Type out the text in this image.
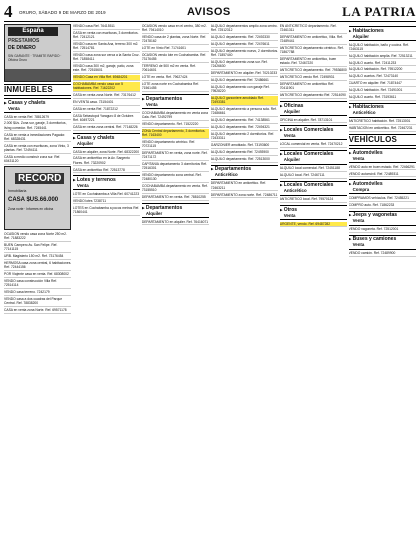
4 ORURO, SÁBADO 9 DE MARZO DE 2019	AVISOS	LA PATRIA
España
PRESTAMOS
DE DINERO
SIN GARANTE · TRAMITE RAPIDO · Oficina Oruro
INMUEBLES
▶ Casas y chalets
Venta
CASA en venta Ref. 78812679
2.000 $Us. Zona sur, garaje, 3 dormitorios, living comedor. Ref. 7245441
CASA en venta a inmediaciones Pagador. Ref. 68328431
CASA en venta con escrituras, zona Vinto, 3 plantas. Ref. 72494111
CASA a medio construir zona sur. Ref. 60431120
RECORD
Inmobiliaria
CASA $US.66.000
Zona norte · Informes en oficina
OCASION vendo casa zona Norte 250 m2. Ref. 71883222
BUEN Campero Av. San Felipe. Ref. 77141115
URB. Magisterio 150 m2. Ref. 73176454
HERMOSA casa zona central, 6 habitaciones. Ref. 72444156
POR Viajente casa en venta. Ref. 68308002
VENDO casa construcción Villa Ref. 72514114
VENDO casa terreno. 7242179
VENDO casa a dos cuadras del Parque Central. Ref. 78838200
CASA en venta zona Norte. Ref. 69571178
VENDO casa Ref. 76415511
CASA en venta con escrituras, 3 dormitorios. Ref. 72412121
VENDO casa en Santa Ana, terreno 300 m2. Ref. 72514781
VENDO casa zona sur cerca a la Santa Cruz. Ref. 71858411
VENDO casa 300 m2, garaje, patio, zona este. Ref. 72515601
VENDO Casa en Villa Ref. 69484201
COCHABAMBA vendo casa con 5 habitaciones. Ref. 71622202
CASA en venta zona Norte. Ref. 73176412
EN VENTA casa. 73154401
CASA en venta Ref. 71872212
CASA Sebastopol Yaraguro 8 de Octubre. Ref. 60497221
CASA en venta zona central. Ref. 77148226
▶ Casas y chalets
Alquiler
CASA en alquiler, zona Norte. Ref. 68322200
CASA en anticrético en la Av. Sargento Flores. Ref. 73220902
CASA en anticrético Ref. 72513778
▶ Lotes y terrenos
Venta
LOTE en Cochabamba a Villa Ref. 60741223
VENDO lotes 7238711
LOTES en Cochabamba a pocos metros Ref. 71860441
OCASION vendo casa en el centro, 380 m2. Ref. 79414010
VENDO casa de 2 plantas, zona Norte. Ref. 72478162
LOTE en Vinto Ref. 71741601
OCASION vendo lote en Cochabamba. Ref. 73176455
TERRENO de 500 m2 en venta. Ref. 70614601
LOTE en venta. Ref. 79627424
LOTE zona norte en Cochabamba Ref. 71561455
▶ Departamentos
Venta
COCHABAMBA departamento en venta zona Cala. Ref. 72492799
VENDO departamento. Ref. 71522220
ZONA Central departamento, 3 dormitorios. Ref. 7163400
VENDO departamento céntrico. Ref. 70721115
DEPARTAMENTO en venta, zona norte. Ref. 72471172
CAPITANIA departamento 3 dormitorios Ref. 72516301
VENDO departamento zona central. Ref. 72480130
COCHABAMBA departamento en venta. Ref. 73155510
DEPARTAMENTO en venta. Ref. 78810255
▶ Departamentos
Alquiler
DEPARTAMENTO en alquiler. Ref. 76416071
ALQUILO departamentos amplio zona centro. Ref. 72512312
ALQUILO departamento. Ref. 72492330
ALQUILO departamento. Ref. 72476611
ALQUILO departamento nuevo, 2 dormitorios. Ref. 71857440
ALQUILO departamento zona sur. Ref. 72426630
DEPARTAMENTO en alquiler. Ref. 70210233
ALQUILO departamento Ref. 72486661
ALQUILO departamento con garaje Ref. 79528220
ALQUILO garzoniere amoblado Ref. 72493381
ALQUILO departamento a persona sola. Ref. 72486661
ALQUILO departamento. Ref. 74138561
ALQUILO departamento. Ref. 72494321
ALQUILO departamento 2 dormitorios. Ref. 72433311
GARZONIER amoblado. Ref. 73193600
ALQUILO departamento Ref. 72493900
ALQUILO departamento. Ref. 72513000
▶ Departamentos
Anticrético
DEPARTAMENTO en anticrético. Ref. 72463211
DEPARTAMENTO zona norte. Ref. 72486711
EN ANTICRETICO departamento. Ref. 72461311
DEPARTAMENTO en anticrético, Villa. Ref. 72489441
ANTICRETICO departamento céntrico. Ref. 71867788
DEPARTAMENTO en anticrético, buen estado. Ref. 72467220
ANTICRETICO departamento. Ref. 79536800
ANTICRETICO vendo Ref. 72498931
DEPARTAMENTO en anticrético Ref. 70411901
ANTICRETICO departamento Ref. 72514090
▶ Oficinas
Alquiler
OFICINA en alquiler. Ref. 78713101
▶ Locales Comerciales
Venta
LOCAL comercial en venta. Ref. 72470212
▶ Locales Comerciales
Alquiler
ALQUILO local comercial. Ref. 72451188
ALQUILO local. Ref. 72467111
▶ Locales Comerciales
Anticrético
ANTICRETICO local. Ref. 79570124
▶ Otros
Venta
URGENTE, vendo. Ref. 69487282
▶ Habitaciones
Alquiler
ALQUILO habitación, baño y cocina. Ref. 72463115
ALQUILO habitación amplia. Ref. 72513211
ALQUILO cuarto. Ref. 72411233
ALQUILO habitación. Ref. 79512200
ALQUILO cuartos. Ref. 72473140
CUARTO en alquiler. Ref. 71874447
ALQUILO habitación. Ref. 72491001
ALQUILO cuarto. Ref. 73193611
▶ Habitaciones
Anticrético
ANTICRETICO habitación. Ref. 72513001
HABITACION en anticrético. Ref. 72467231
VEHÍCULOS
▶ Automóviles
Venta
VENDO auto en buen estado. Ref. 72466291
VENDO automóvil. Ref. 72489311
▶ Automóviles
Compra
COMPRAMOS vehículos. Ref. 72455221
COMPRO auto. Ref. 71862233
▶ Jeeps y vagonetas
Venta
VENDO vagoneta. Ref. 72512001
▶ Buses y camiones
Venta
VENDO camión. Ref. 72489900
